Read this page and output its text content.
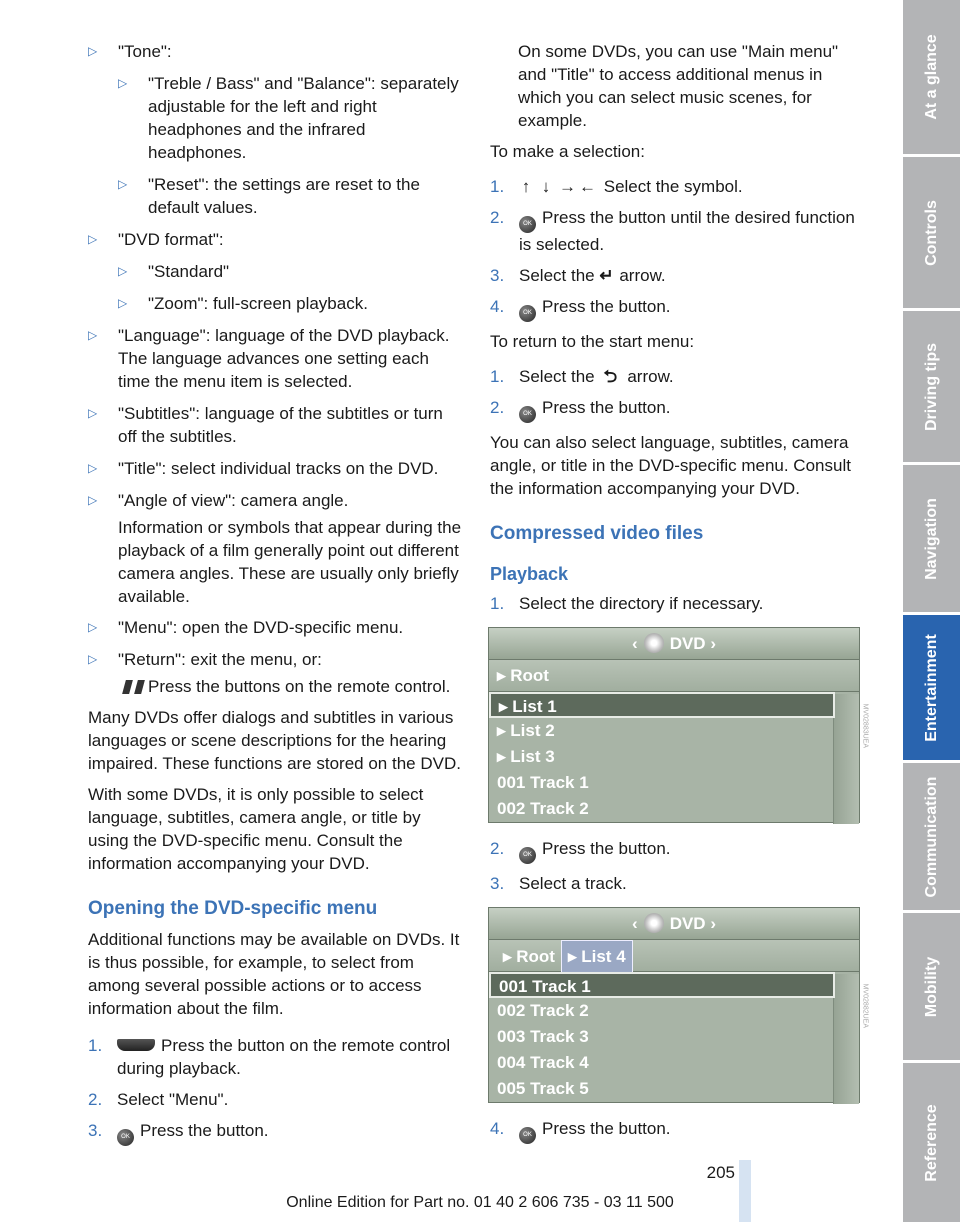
▷ "Tone":
▷ "Treble / Bass" and "Balance": separately adjustable for the left and right headphones and the infrared headphones.
▷ "Reset": the settings are reset to the default values.
▷ "DVD format":
▷ "Standard"
▷ "Zoom": full-screen playback.
▷ "Language": language of the DVD playback. The language advances one setting each time the menu item is selected.
▷ "Subtitles": language of the subtitles or turn off the subtitles.
▷ "Title": select individual tracks on the DVD.
▷ "Angle of view": camera angle.

Information or symbols that appear during the playback of a film generally point out different camera angles. These are usually only briefly available.

▷ "Menu": open the DVD-specific menu.
▷ "Return": exit the menu, or:

Press the buttons on the remote control.

Many DVDs offer dialogs and subtitles in various languages or scene descriptions for the hearing impaired. These functions are stored on the DVD.

With some DVDs, it is only possible to select language, subtitles, camera angle, or title by using the DVD-specific menu. Consult the information accompanying your DVD.

Opening the DVD-specific menu

Additional functions may be available on DVDs. It is thus possible, for example, to select from among several possible actions or to access information about the film.

1.	Press the button on the remote control during playback.
2. Select "Menu".
3.	OK Press the button.

On some DVDs, you can use "Main menu" and "Title" to access additional menus in which you can select music scenes, for example.

To make a selection:

1. ↑ ↓ → ← Select the symbol.
2.	OK Press the button until the desired function is selected.
3. Select the ↵ arrow.
4.	OK Press the button.

To return to the start menu:

1. Select the ⮌ arrow.
2.	OK Press the button.

You can also select language, subtitles, camera angle, or title in the DVD-specific menu. Consult the information accompanying your DVD.

Compressed video files
Playback
1. Select the directory if necessary.
‹ DVD ›
▸ Root
▸ List 1
▸ List 2
▸ List 3
001 Track 1
002 Track 2
MV02883UEA
2.	OK Press the button.
3. Select a track.
‹ DVD ›
▸ Root ▸ List 4
001 Track 1
002 Track 2
003 Track 3
004 Track 4
005 Track 5
MV02882UEA
4.	OK Press the button.
At a glance
Controls
Driving tips
Navigation
Entertainment
Communication
Mobility
Reference
205
Online Edition for Part no. 01 40 2 606 735 - 03 11 500
